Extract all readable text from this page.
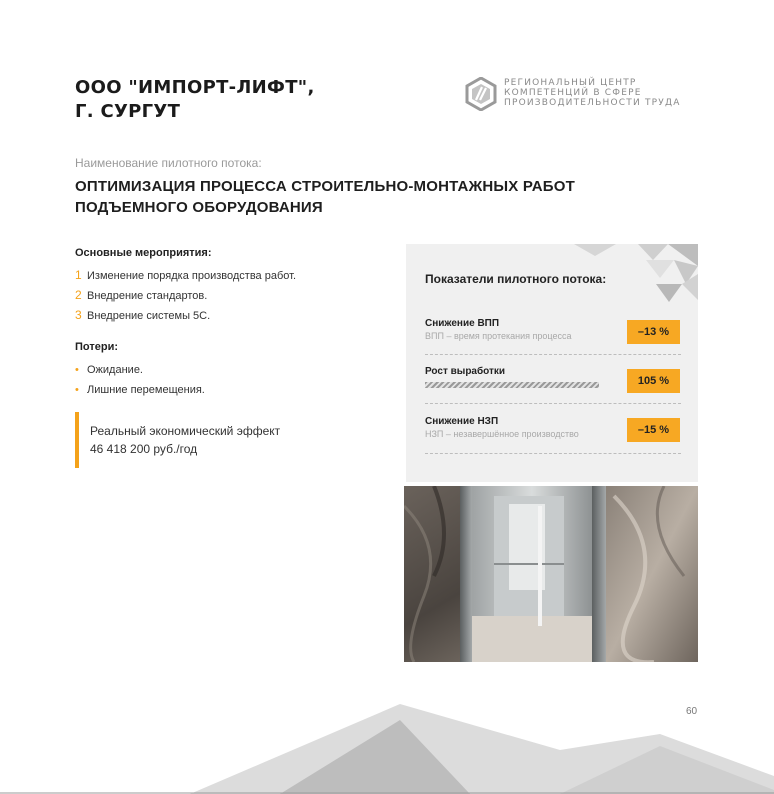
ООО "ИМПОРТ-ЛИФТ",
Г. СУРГУТ
РЕГИОНАЛЬНЫЙ ЦЕНТР
КОМПЕТЕНЦИЙ В СФЕРЕ
ПРОИЗВОДИТЕЛЬНОСТИ ТРУДА
Наименование пилотного потока:
ОПТИМИЗАЦИЯ ПРОЦЕССА СТРОИТЕЛЬНО-МОНТАЖНЫХ РАБОТ
ПОДЪЕМНОГО ОБОРУДОВАНИЯ
Основные мероприятия:
1 Изменение порядка производства работ.
2 Внедрение стандартов.
3 Внедрение системы 5С.
Потери:
• Ожидание.
• Лишние перемещения.
Реальный экономический эффект
46 418 200 руб./год
Показатели пилотного потока:
Снижение ВПП
ВПП – время протекания процесса	–13 %
Рост выработки
105 %
Снижение НЗП
НЗП – незавершённое производство	–15 %
60
